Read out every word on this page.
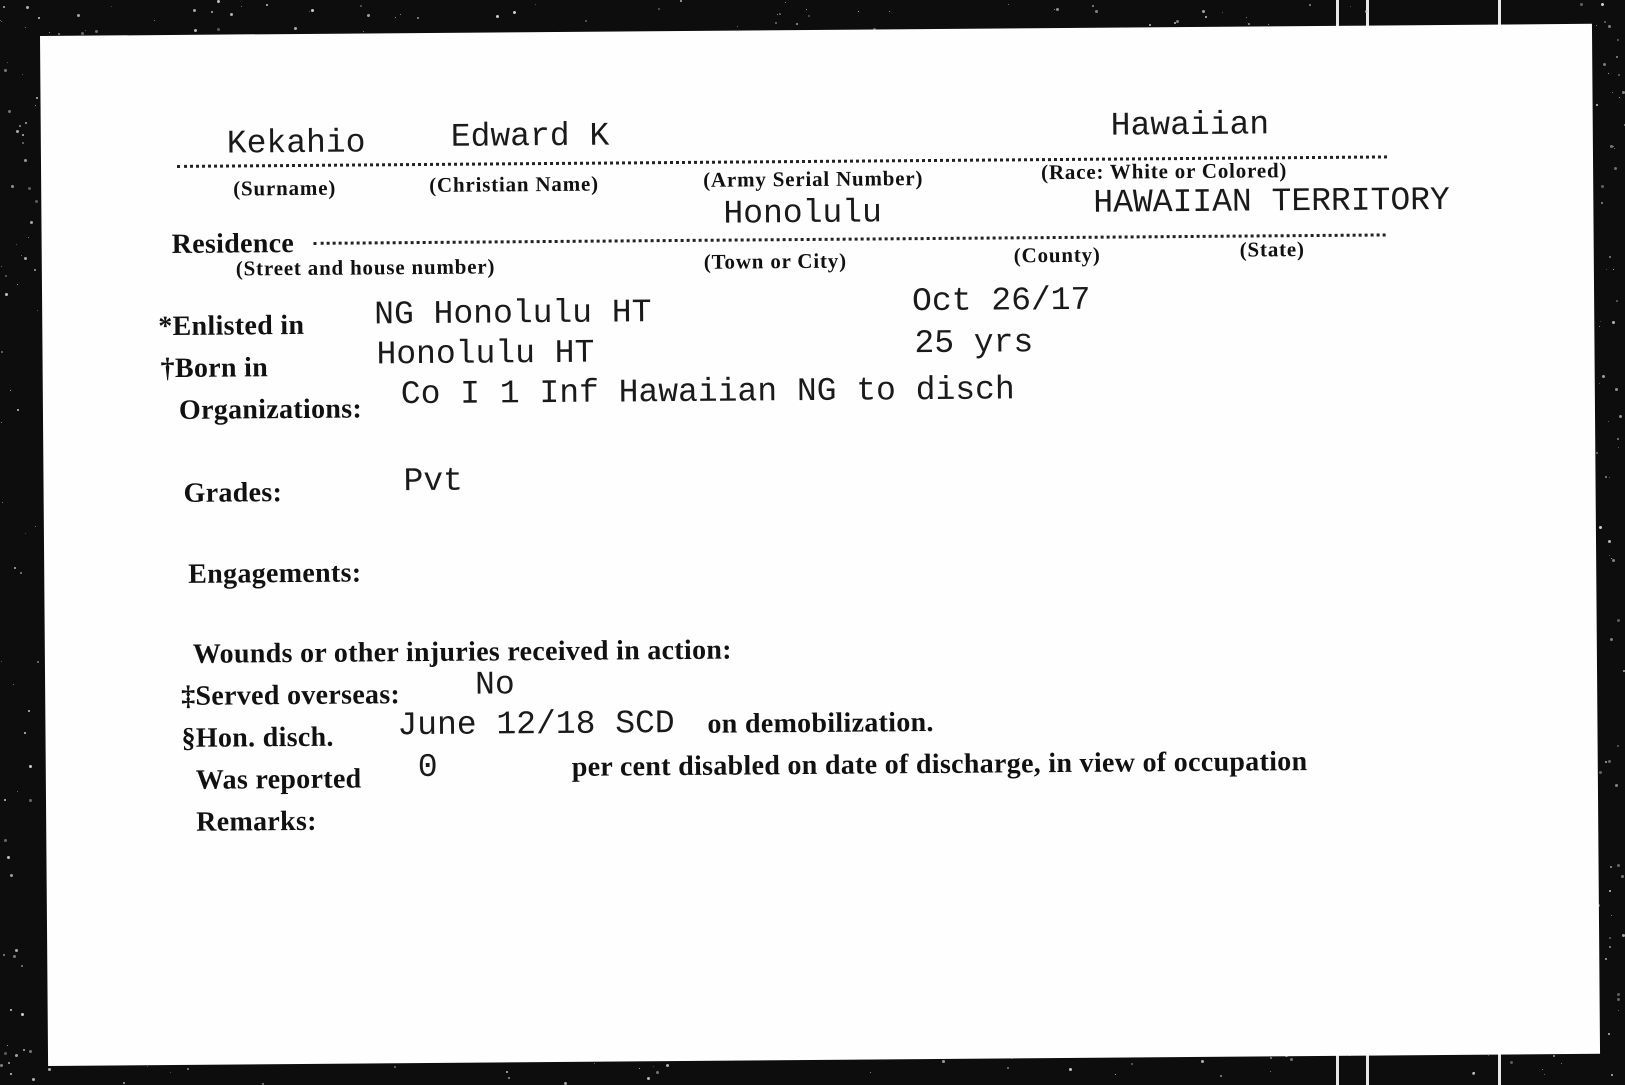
Kekahio	Edward K	Hawaiian
(Surname)	(Christian Name)	(Army Serial Number)	(Race: White or Colored)
Residence
Honolulu	HAWAIIAN TERRITORY
(Street and house number)	(Town or City)	(County)	(State)
*Enlisted in NG Honolulu HT	Oct 26/17
†Born in	Honolulu HT	25 yrs
Organizations: Co I 1 Inf Hawaiian NG to disch
Grades:	Pvt
Engagements:
Wounds or other injuries received in action:
‡Served overseas: No
§Hon. disch. June 12/18 SCD on demobilization.
Was reported 0	per cent disabled on date of discharge, in view of occupation
Remarks:
